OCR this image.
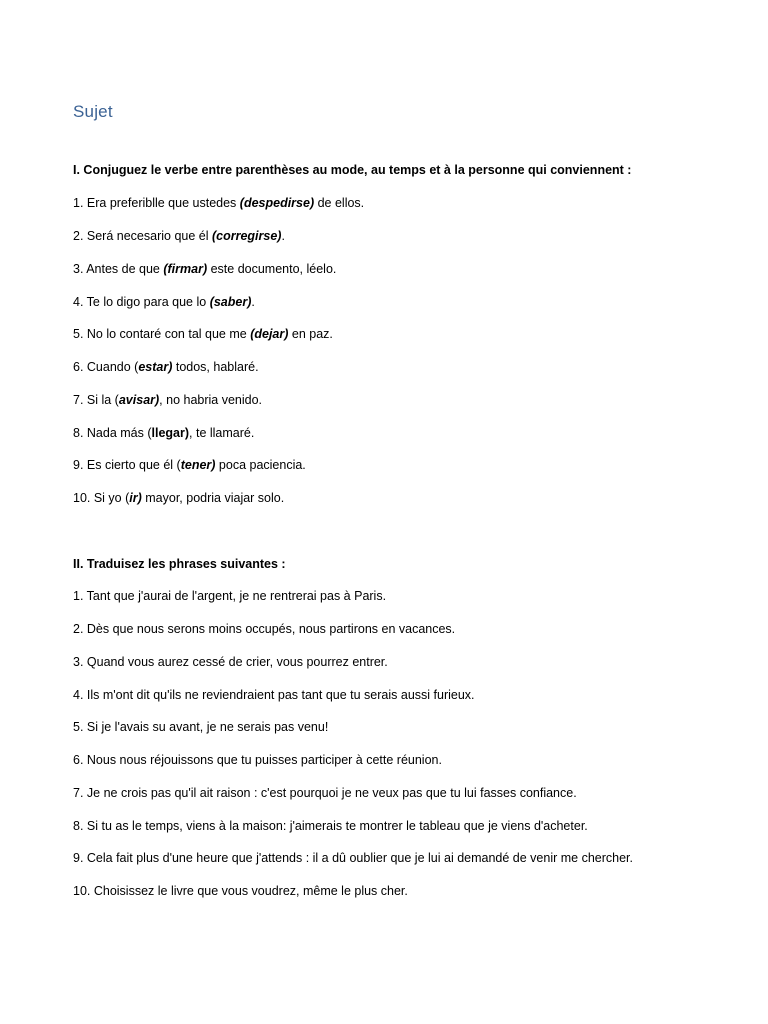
Sujet
I. Conjuguez le verbe entre parenthèses au mode, au temps et à la personne qui conviennent :
1. Era preferiblle que ustedes (despedirse) de ellos.
2. Será necesario que él (corregirse).
3. Antes de que (firmar) este documento, léelo.
4. Te lo digo para que lo (saber).
5. No lo contaré con tal que me (dejar) en paz.
6. Cuando (estar) todos, hablaré.
7. Si la (avisar), no habria venido.
8. Nada más (llegar), te llamaré.
9. Es cierto que él (tener) poca paciencia.
10. Si yo (ir) mayor, podria viajar solo.
II. Traduisez les phrases suivantes :
1. Tant que j'aurai de l'argent, je ne rentrerai pas à Paris.
2. Dès que nous serons moins occupés, nous partirons en vacances.
3. Quand vous aurez cessé de crier, vous pourrez entrer.
4. Ils m'ont dit qu'ils ne reviendraient pas tant que tu serais aussi furieux.
5. Si je l'avais su avant, je ne serais pas venu!
6. Nous nous réjouissons que tu puisses participer à cette réunion.
7. Je ne crois pas qu'il ait raison : c'est pourquoi je ne veux pas que tu lui fasses confiance.
8. Si tu as le temps, viens à la maison: j'aimerais te montrer le tableau que je viens d'acheter.
9. Cela fait plus d'une heure que j'attends : il a dû oublier que je lui ai demandé de venir me chercher.
10. Choisissez le livre que vous voudrez, même le plus cher.
